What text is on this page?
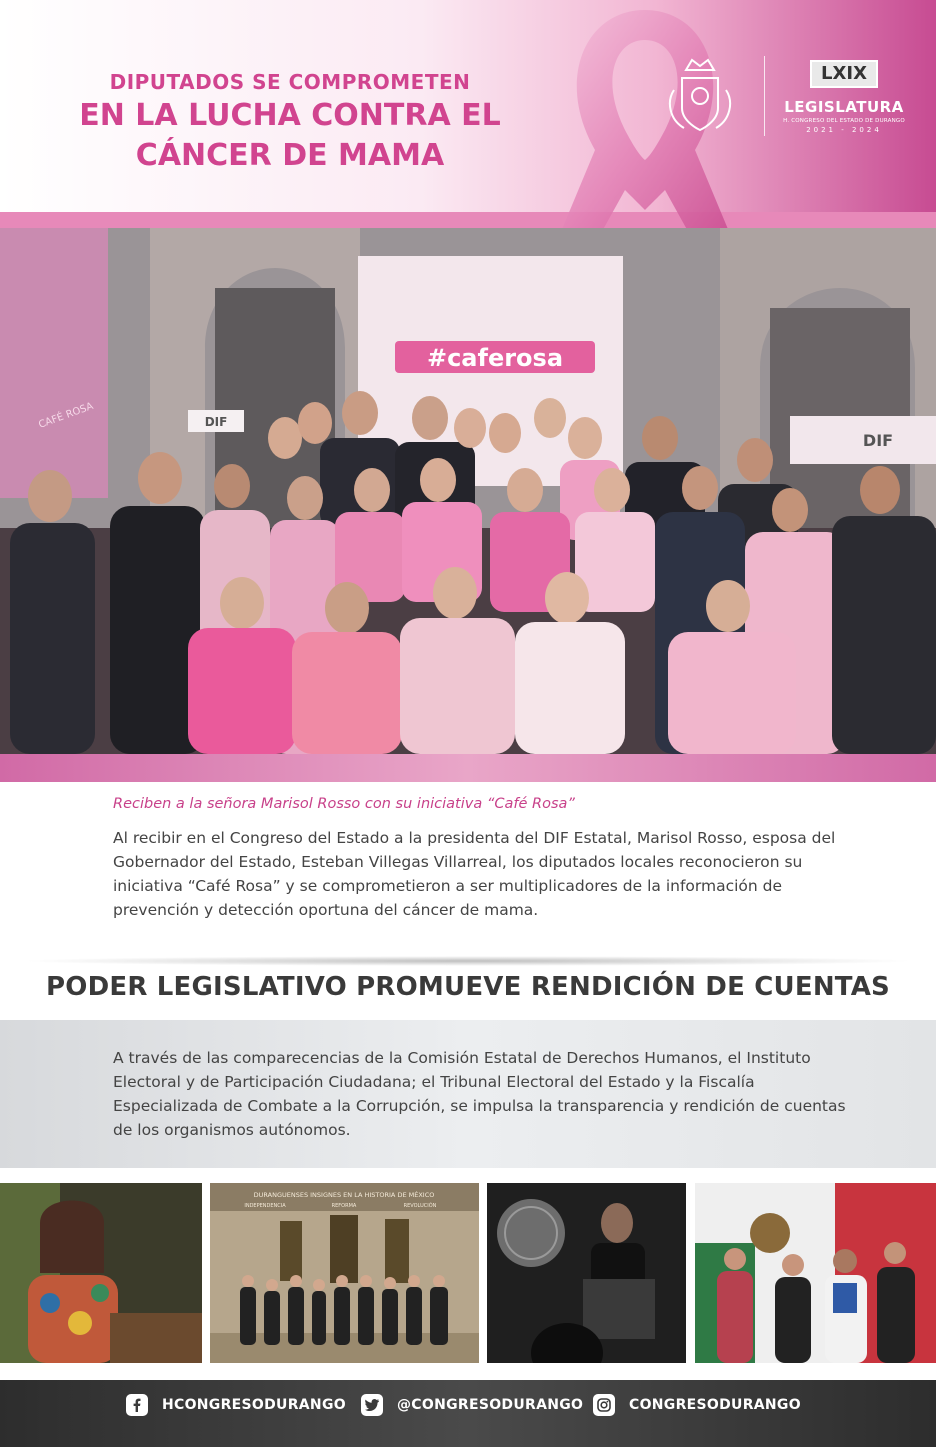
DIPUTADOS SE COMPROMETEN
EN LA LUCHA CONTRA EL
CÁNCER DE MAMA
LXIX
LEGISLATURA
H. CONGRESO DEL ESTADO DE DURANGO
2021 - 2024
CAFÉ ROSA
#caferosa
DIF
DIF
Reciben a la señora Marisol Rosso con su iniciativa “Café Rosa”
Al recibir en el Congreso del Estado a la presidenta del DIF Estatal, Marisol Rosso, esposa del Gobernador del Estado, Esteban Villegas Villarreal, los diputados locales reconocieron su iniciativa “Café Rosa” y se comprometieron a ser multiplicadores de la información de prevención y detección oportuna del cáncer de mama.
PODER LEGISLATIVO PROMUEVE RENDICIÓN DE CUENTAS
A través de las comparecencias de la Comisión Estatal de Derechos Humanos, el Instituto Electoral y de Participación Ciudadana; el Tribunal Electoral del Estado y la Fiscalía Especializada de Combate a la Corrupción, se impulsa la transparencia y rendición de cuentas de los organismos autónomos.
DURANGUENSES INSIGNES EN LA HISTORIA DE MÉXICO
INDEPENDENCIA	REFORMA	REVOLUCIÓN
HCONGRESODURANGO	@CONGRESODURANGO	CONGRESODURANGO
